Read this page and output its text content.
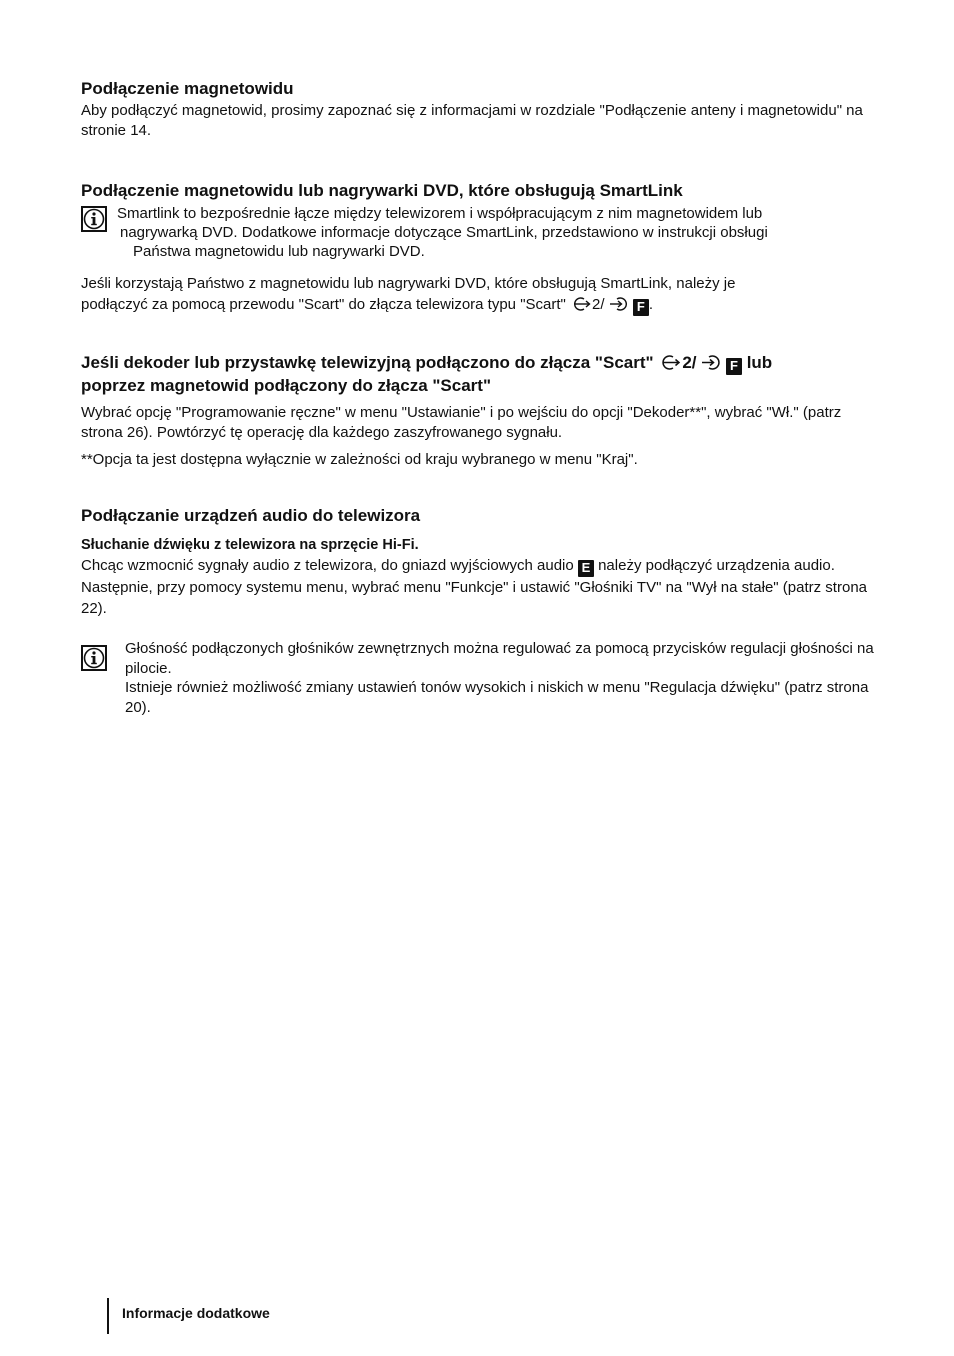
Podłączenie magnetowidu

Aby podłączyć magnetowid, prosimy zapoznać się z informacjami w rozdziale "Podłączenie anteny i magnetowidu" na stronie 14.

Podłączenie magnetowidu lub nagrywarki DVD, które obsługują SmartLink

Smartlink to bezpośrednie łącze między telewizorem i współpracującym z nim magnetowidem lub

nagrywarką DVD. Dodatkowe informacje dotyczące SmartLink, przedstawiono w instrukcji obsługi

Państwa magnetowidu lub nagrywarki DVD.

Jeśli korzystają Państwo z magnetowidu lub nagrywarki DVD, które obsługują SmartLink, należy je

podłączyć za pomocą przewodu "Scart" do złącza telewizora typu "Scart" 2/ F .

Jeśli dekoder lub przystawkę telewizyjną podłączono do złącza "Scart" 2/	F lub
poprzez magnetowid podłączony do złącza "Scart"

Wybrać opcję "Programowanie ręczne" w menu "Ustawianie" i po wejściu do opcji "Dekoder**", wybrać "Wł." (patrz strona 26). Powtórzyć tę operację dla każdego zaszyfrowanego sygnału.

**Opcja ta jest dostępna wyłącznie w zależności od kraju wybranego w menu "Kraj".

Podłączanie urządzeń audio do telewizora

Słuchanie dźwięku z telewizora na sprzęcie Hi-Fi.

Chcąc wzmocnić sygnały audio z telewizora, do gniazd wyjściowych audio E należy podłączyć urządzenia audio. Następnie, przy pomocy systemu menu, wybrać menu "Funkcje" i ustawić "Głośniki TV" na "Wył na stałe" (patrz strona 22).

Głośność podłączonych głośników zewnętrznych można regulować za pomocą przycisków regulacji głośności na pilocie.

Istnieje również możliwość zmiany ustawień tonów wysokich i niskich w menu "Regulacja dźwięku" (patrz strona 20).

Informacje dodatkowe
